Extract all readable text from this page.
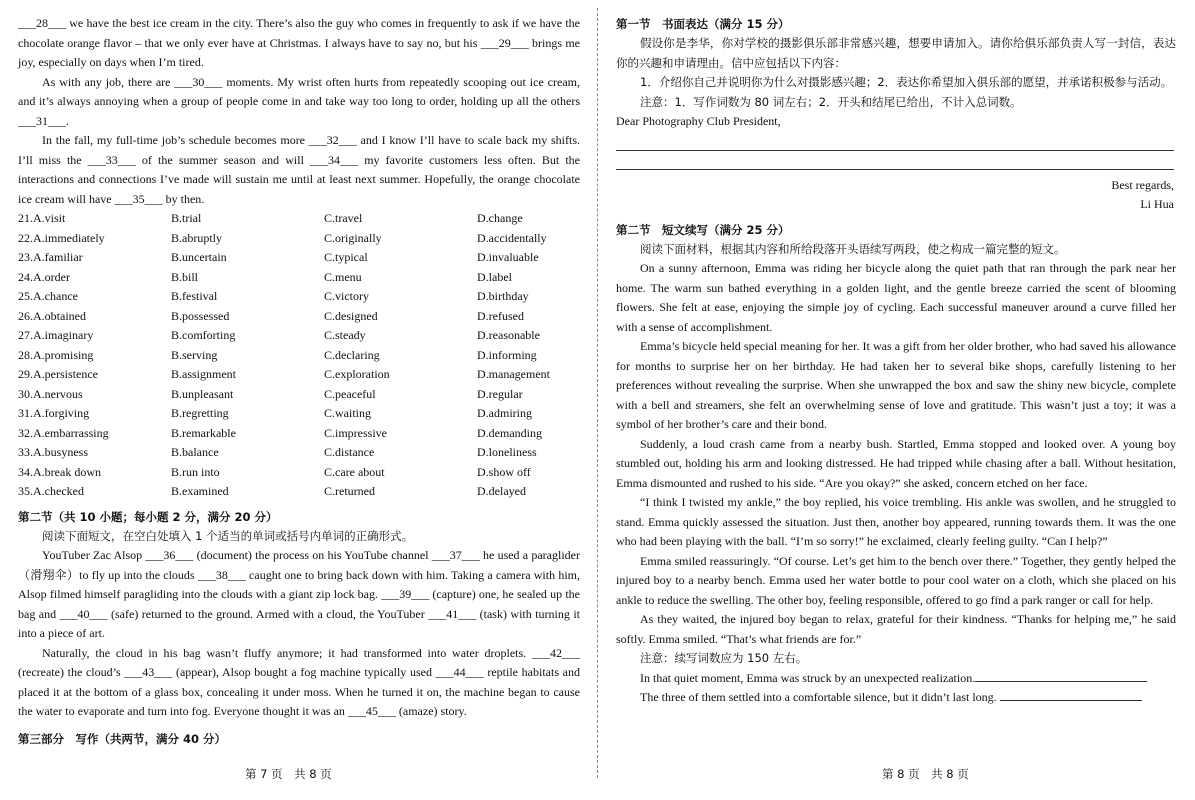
___28___ we have the best ice cream in the city. There’s also the guy who comes in frequently to ask if we have the chocolate orange flavor – that we only ever have at Christmas. I always have to say no, but his ___29___ brings me joy, especially on days when I’m tired.

As with any job, there are ___30___ moments. My wrist often hurts from repeatedly scooping out ice cream, and it’s always annoying when a group of people come in and take way too long to order, holding up all the others ___31___.

In the fall, my full-time job’s schedule becomes more ___32___ and I know I’ll have to scale back my shifts. I’ll miss the ___33___ of the summer season and will ___34___ my favorite customers less often. But the interactions and connections I’ve made will sustain me until at least next summer. Hopefully, the orange chocolate ice cream will have ___35___ by then.

21.A.visit	B.trial	C.travel	D.change
22.A.immediately	B.abruptly	C.originally	D.accidentally
23.A.familiar	B.uncertain	C.typical	D.invaluable
24.A.order	B.bill	C.menu	D.label
25.A.chance	B.festival	C.victory	D.birthday
26.A.obtained	B.possessed	C.designed	D.refused
27.A.imaginary	B.comforting	C.steady	D.reasonable
28.A.promising	B.serving	C.declaring	D.informing
29.A.persistence	B.assignment	C.exploration	D.management
30.A.nervous	B.unpleasant	C.peaceful	D.regular
31.A.forgiving	B.regretting	C.waiting	D.admiring
32.A.embarrassing	B.remarkable	C.impressive	D.demanding
33.A.busyness	B.balance	C.distance	D.loneliness
34.A.break down	B.run into	C.care about	D.show off
35.A.checked	B.examined	C.returned	D.delayed
第二节（共 10 小题；每小题 2 分，满分 20 分）

阅读下面短文，在空白处填入 1 个适当的单词或括号内单词的正确形式。

YouTuber Zac Alsop ___36___ (document) the process on his YouTube channel ___37___ he used a paraglider（滑翔伞）to fly up into the clouds ___38___ caught one to bring back down with him. Taking a camera with him, Alsop filmed himself paragliding into the clouds with a giant zip lock bag. ___39___ (capture) one, he sealed up the bag and ___40___ (safe) returned to the ground. Armed with a cloud, the YouTuber ___41___ (task) with turning it into a piece of art.

Naturally, the cloud in his bag wasn’t fluffy anymore; it had transformed into water droplets. ___42___ (recreate) the cloud’s ___43___ (appear), Alsop bought a fog machine typically used ___44___ reptile habitats and placed it at the bottom of a glass box, concealing it under moss. When he turned it on, the machine began to cause the water to evaporate and turn into fog. Everyone thought it was an ___45___ (amaze) story.

第三部分　写作（共两节，满分 40 分）
第 7 页　共 8 页
第一节　书面表达（满分 15 分）

假设你是李华，你对学校的摄影俱乐部非常感兴趣，想要申请加入。请你给俱乐部负责人写一封信，表达你的兴趣和申请理由。信中应包括以下内容：

1．介绍你自己并说明你为什么对摄影感兴趣；2．表达你希望加入俱乐部的愿望，并承诺积极参与活动。

注意：1．写作词数为 80 词左右；2．开头和结尾已给出，不计入总词数。

Dear Photography Club President,

Best regards,
Li Hua
第二节　短文续写（满分 25 分）

阅读下面材料，根据其内容和所给段落开头语续写两段，使之构成一篇完整的短文。

On a sunny afternoon, Emma was riding her bicycle along the quiet path that ran through the park near her home. The warm sun bathed everything in a golden light, and the gentle breeze carried the scent of blooming flowers. She felt at ease, enjoying the simple joy of cycling. Each successful maneuver around a curve filled her with a sense of accomplishment.

Emma’s bicycle held special meaning for her. It was a gift from her older brother, who had saved his allowance for months to surprise her on her birthday. He had taken her to several bike shops, carefully listening to her preferences without revealing the surprise. When she unwrapped the box and saw the shiny new bicycle, complete with a bell and streamers, she felt an overwhelming sense of love and gratitude. This wasn’t just a toy; it was a symbol of her brother’s care and their bond.

Suddenly, a loud crash came from a nearby bush. Startled, Emma stopped and looked over. A young boy stumbled out, holding his arm and looking distressed. He had tripped while chasing after a ball. Without hesitation, Emma dismounted and rushed to his side. “Are you okay?” she asked, concern etched on her face.

“I think I twisted my ankle,” the boy replied, his voice trembling. His ankle was swollen, and he struggled to stand. Emma quickly assessed the situation. Just then, another boy appeared, running towards them. It was the one who had been playing with the ball. “I’m so sorry!” he exclaimed, clearly feeling guilty. “Can I help?”

Emma smiled reassuringly. “Of course. Let’s get him to the bench over there.” Together, they gently helped the injured boy to a nearby bench. Emma used her water bottle to pour cool water on a cloth, which she placed on his ankle to reduce the swelling. The other boy, feeling responsible, offered to go find a park ranger or call for help.

As they waited, the injured boy began to relax, grateful for their kindness. “Thanks for helping me,” he said softly. Emma smiled. “That’s what friends are for.”

注意：续写词数应为 150 左右。

In that quiet moment, Emma was struck by an unexpected realization.

The three of them settled into a comfortable silence, but it didn’t last long.

第 8 页　共 8 页
